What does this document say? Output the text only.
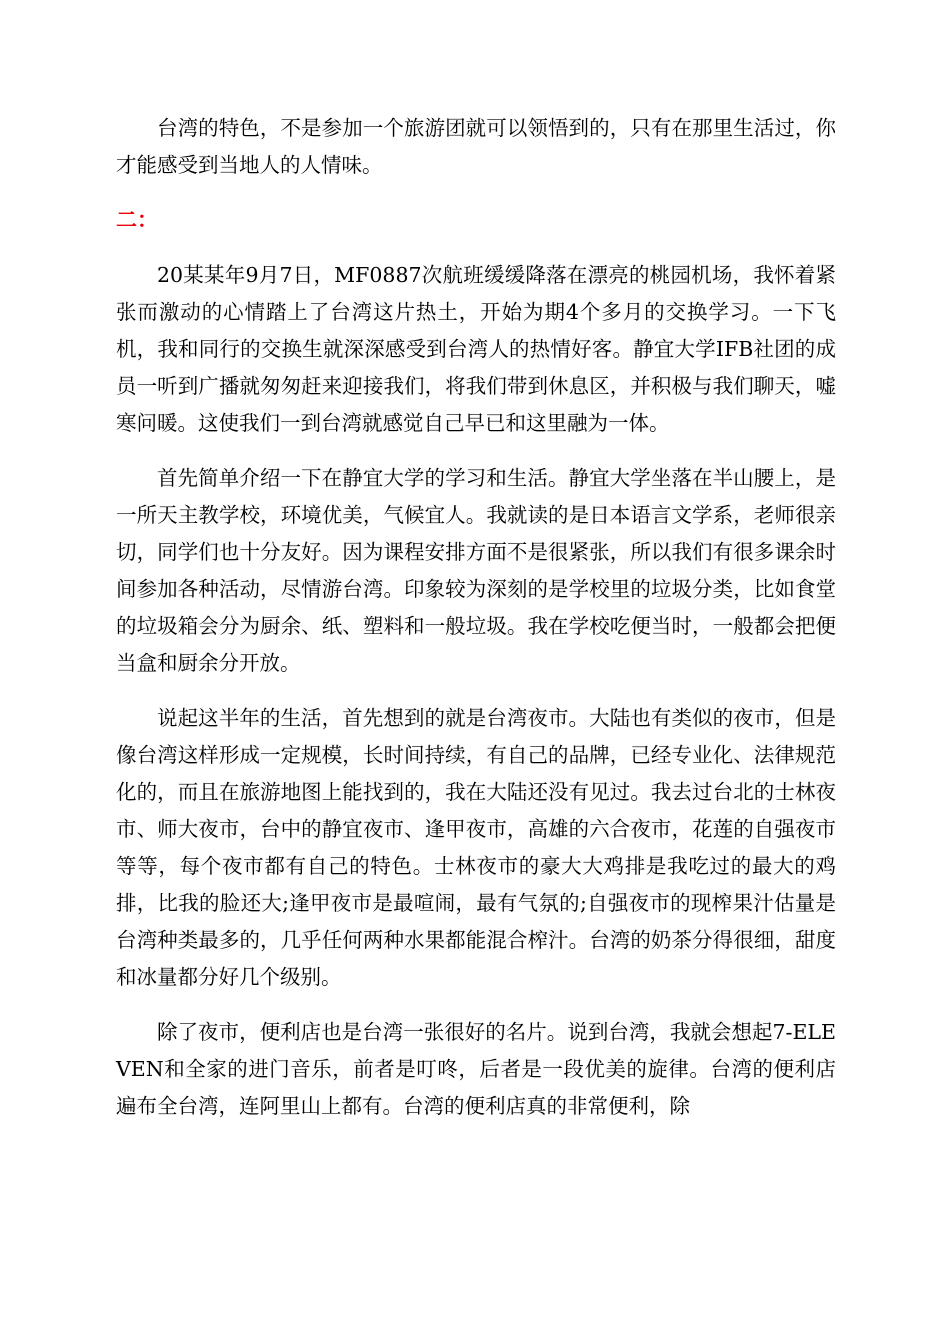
台湾的特色，不是参加一个旅游团就可以领悟到的，只有在那里生活过，你才能感受到当地人的人情味。

二：

20某某年9月7日，MF0887次航班缓缓降落在漂亮的桃园机场，我怀着紧张而激动的心情踏上了台湾这片热土，开始为期4个多月的交换学习。一下飞机，我和同行的交换生就深深感受到台湾人的热情好客。静宜大学IFB社团的成员一听到广播就匆匆赶来迎接我们，将我们带到休息区，并积极与我们聊天，嘘寒问暖。这使我们一到台湾就感觉自己早已和这里融为一体。

首先简单介绍一下在静宜大学的学习和生活。静宜大学坐落在半山腰上，是一所天主教学校，环境优美，气候宜人。我就读的是日本语言文学系，老师很亲切，同学们也十分友好。因为课程安排方面不是很紧张，所以我们有很多课余时间参加各种活动，尽情游台湾。印象较为深刻的是学校里的垃圾分类，比如食堂的垃圾箱会分为厨余、纸、塑料和一般垃圾。我在学校吃便当时，一般都会把便当盒和厨余分开放。

说起这半年的生活，首先想到的就是台湾夜市。大陆也有类似的夜市，但是像台湾这样形成一定规模，长时间持续，有自己的品牌，已经专业化、法律规范化的，而且在旅游地图上能找到的，我在大陆还没有见过。我去过台北的士林夜市、师大夜市，台中的静宜夜市、逢甲夜市，高雄的六合夜市，花莲的自强夜市等等，每个夜市都有自己的特色。士林夜市的豪大大鸡排是我吃过的最大的鸡排，比我的脸还大;逢甲夜市是最喧闹，最有气氛的;自强夜市的现榨果汁估量是台湾种类最多的，几乎任何两种水果都能混合榨汁。台湾的奶茶分得很细，甜度和冰量都分好几个级别。

除了夜市，便利店也是台湾一张很好的名片。说到台湾，我就会想起7-ELEVEN和全家的进门音乐，前者是叮咚，后者是一段优美的旋律。台湾的便利店遍布全台湾，连阿里山上都有。台湾的便利店真的非常便利，除
